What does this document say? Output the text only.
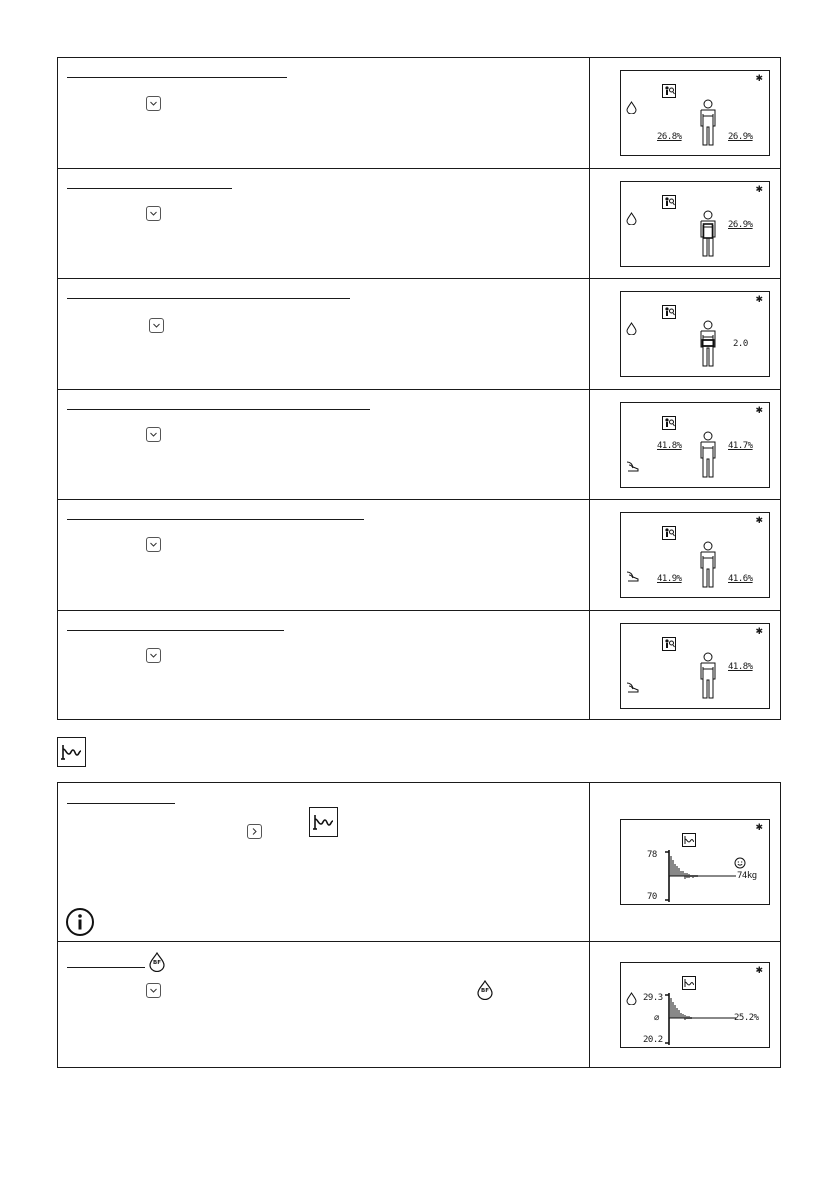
✱
26.8%	26.9%
✱
26.9%
✱
2.0
✱
41.8%	41.7%
✱
41.9%	41.6%
✱
41.8%
✱
78
70
74kg
BF
BF
✱
29.3
20.2
⌀	25.2%
